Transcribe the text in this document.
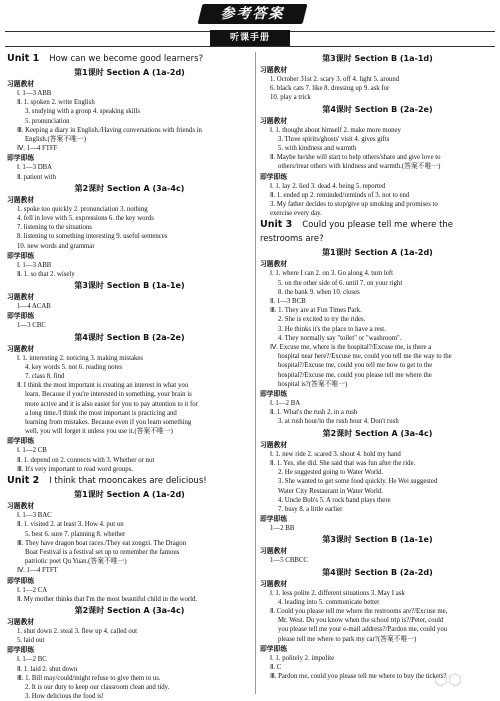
参考答案
听课手册
Unit 1 How can we become good learners?
第1课时 Section A (1a-2d)
习题教材
Ⅰ. 1—3 ABB
Ⅱ. 1. spoken 2. write English
3. studying with a group 4. speaking skills
5. pronunciation
Ⅲ. Keeping a diary in English./Having conversations with friends in
English.(答案不唯一)
Ⅳ. 1—4 FTFF
即学即练
Ⅰ. 1—3 DBA
Ⅱ. patient with
第2课时 Section A (3a-4c)
习题教材
1. spoke too quickly 2. pronunciation 3. nothing
4. fell in love with 5. expressions 6. the key words
7. listening to the situations
8. listening to something interesting 9. useful sentences
10. new words and grammar
即学即练
Ⅰ. 1—3 ABB
Ⅱ. 1. so that 2. wisely
第3课时 Section B (1a-1e)
习题教材
1—4 ACAB
即学即练
1—3 CBC
第4课时 Section B (2a-2e)
习题教材
Ⅰ. 1. interesting 2. noticing 3. making mistakes
4. key words 5. not 6. reading notes
7. class 8. find
Ⅱ. I think the most important is creating an interest in what you
learn. Because if you're interested in something, your brain is
more active and it is also easier for you to pay attention to it for
a long time./I think the most important is practicing and
learning from mistakes. Because even if you learn something
well, you will forget it unless you use it.(答案不唯一)
即学即练
Ⅰ. 1—2 CB
Ⅱ. 1. depend on 2. connects with 3. Whether or not
Ⅲ. It's very important to read word groups.
Unit 2 I think that mooncakes are delicious!
第1课时 Section A (1a-2d)
习题教材
Ⅰ. 1—3 BAC
Ⅱ. 1. visited 2. at least 3. How 4. put on
5. best 6. sure 7. planning 8. whether
Ⅲ. They have dragon boat races./They eat zongzi. The Dragon
Boat Festival is a festival set up to remember the famous
patriotic poet Qu Yuan.(答案不唯一)
Ⅳ. 1—4 FTFT
即学即练
Ⅰ. 1—2 CA
Ⅱ. My mother thinks that I'm the most beautiful child in the world.
第2课时 Section A (3a-4c)
习题教材
1. shut down 2. steal 3. flew up 4. called out
5. laid out
即学即练
Ⅰ. 1—2 BC
Ⅱ. 1. laid 2. shut down
Ⅲ. 1. Bill may/could/might refuse to give them to us.
2. It is our duty to keep our classroom clean and tidy.
3. How delicious the food is!
第3课时 Section B (1a-1d)
习题教材
1. October 31st 2. scary 3. off 4. light 5. around
6. black cats 7. like 8. dressing up 9. ask for
10. play a trick
第4课时 Section B (2a-2e)
习题教材
Ⅰ. 1. thought about himself 2. make more money
3. Three spirits/ghosts' visit 4. gives gifts
5. with kindness and warmth
Ⅱ. Maybe he/she will start to help others/share and give love to
others/treat others with kindness and warmth.(答案不唯一)
即学即练
Ⅰ. 1. lay 2. lied 3. dead 4. being 5. reported
Ⅱ. 1. ended up 2. reminded/reminds of 3. not to end
3. My father decides to stop/give up smoking and promises to
exercise every day.
Unit 3 Could you please tell me where the restrooms are?
第1课时 Section A (1a-2d)
习题教材
Ⅰ. 1. where I can 2. on 3. Go along 4. turn left
5. on the other side of 6. until 7. on your right
8. the bank 9. when 10. closes
Ⅱ. 1—3 BCB
Ⅲ. 1. They are at Fun Times Park.
2. She is excited to try the rides.
3. He thinks it's the place to have a rest.
4. They normally say "toilet" or "washroom".
Ⅳ. Excuse me, where is the hospital?/Excuse me, is there a
hospital near here?/Excuse me, could you tell me the way to the
hospital?/Excuse me, could you tell me how to get to the
hospital?/Excuse me, could you please tell me where the
hospital is?(答案不唯一)
即学即练
Ⅰ. 1—2 BA
Ⅱ. 1. What's the rush 2. in a rush
3. at rush hour/in the rush hour 4. Don't rush
第2课时 Section A (3a-4c)
习题教材
Ⅰ. 1. new ride 2. scared 3. shout 4. hold my hand
Ⅱ. 1. Yes, she did. She said that was fun after the ride.
2. He suggested going to Water World.
3. She wanted to get some food quickly. He Wei suggested
Water City Restaurant in Water World.
4. Uncle Bob's 5. A rock band plays there
7. busy 8. a little earlier
即学即练
1—2 BB
第3课时 Section B (1a-1e)
习题教材
1—5 CBBCC
第4课时 Section B (2a-2d)
习题教材
Ⅰ. 1. less polite 2. different situations 3. May I ask
4. leading into 5. communicate better
Ⅱ. Could you please tell me where the restrooms are?/Excuse me,
Mr. West. Do you know when the school trip is?/Peter, could
you please tell me your e-mail address?/Pardon me, could you
please tell me where to park my car?(答案不唯一)
即学即练
Ⅰ. 1. politely 2. impolite
Ⅱ. C
Ⅲ. Pardon me, could you please tell me where to buy the tickets?
⬡⬡
